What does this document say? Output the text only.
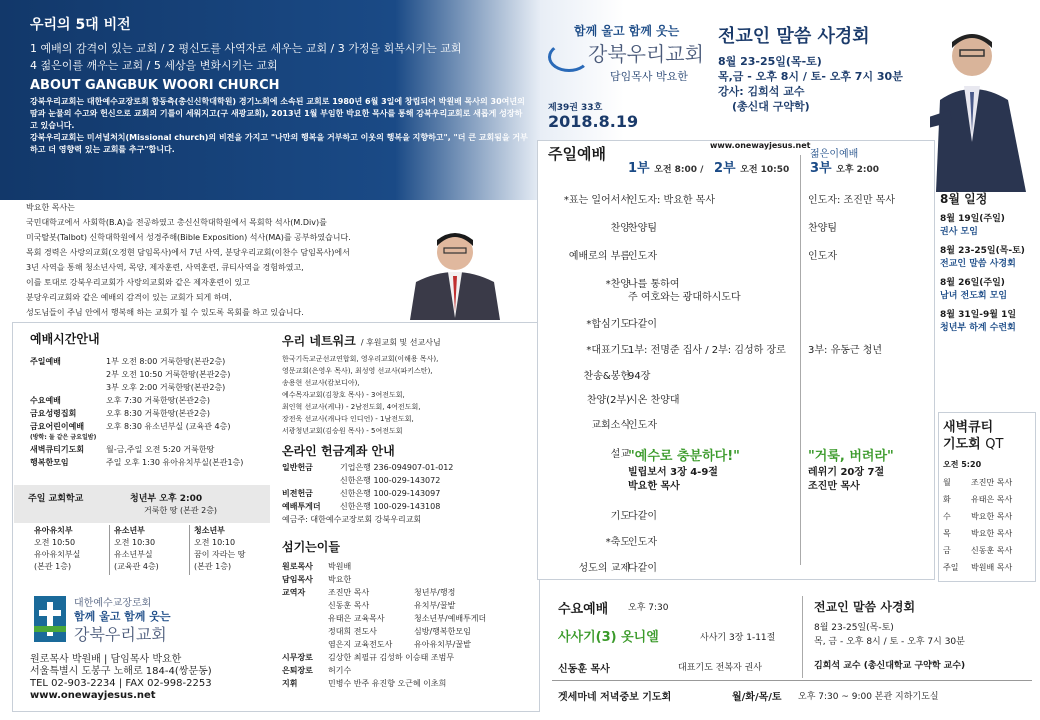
우리의 5대 비전
1 예배의 감격이 있는 교회 / 2 평신도를 사역자로 세우는 교회 / 3 가정을 회복시키는 교회
4 젊은이를 깨우는 교회 / 5 세상을 변화시키는 교회
ABOUT GANGBUK WOORI CHURCH

강북우리교회는 대한예수교장로회 합동측(총신신학대학원) 경기노회에 소속된 교회로 1980년 6월 3일에 창립되어 박원배 목사의 30여년의 땀과 눈물의 수고와 헌신으로 교회의 기틀이 세워지고(구 새광교회), 2013년 1월 부임한 박요한 목사를 통해 강북우리교회로 새롭게 성장하고 있습니다.

강북우리교회는 미셔널처치(Missional church)의 비전을 가지고 "나만의 행복을 거부하고 이웃의 행복을 지향하고", "더 큰 교회됨을 거부하고 더 영향력 있는 교회를 추구"합니다.

함께 울고 함께 웃는
강북우리교회
담임목사 박요한
제39권 33호
2018.8.19
전교인 말씀 사경회
8월 23-25일(목-토)
목,금 - 오후 8시 / 토- 오후 7시 30분
강사: 김희석 교수
(총신대 구약학)
박요한 목사는
국민대학교에서 사회학(B.A)을 전공하였고 총신신학대학원에서 목회학 석사(M.Div)를
미국탈봇(Talbot) 신학대학원에서 성경주해(Bible Exposition) 석사(MA)를 공부하였습니다.
목회 경력은 사랑의교회(오정현 담임목사)에서 7년 사역, 분당우리교회(이찬수 담임목사)에서
3년 사역을 통해 청소년사역, 목양, 제자훈련, 사역훈련, 큐티사역을 경험하였고,
이를 토대로 강북우리교회가 사랑의교회와 같은 제자훈련이 있고
분당우리교회와 같은 예배의 감격이 있는 교회가 되게 하며,
성도님들이 주님 안에서 행복해 하는 교회가 될 수 있도록 목회를 하고 있습니다.
예배시간안내
주일예배	1부 오전 8:00 거룩한땅(본관2층)
2부 오전 10:50 거룩한땅(본관2층)
3부 오후 2:00 거룩한땅(본관2층)
수요예배	오후 7:30 거룩한땅(본관2층)
금요성령집회	오후 8:30 거룩한땅(본관2층)
금요어린이예배	오후 8:30 유소년부실 (교육관 4층)
(방학: 둘 같은 금요일밤)
새벽큐티기도회	월-금,주일 오전 5:20 거룩한땅
행복한모임	주일 오후 1:30 유아유치부실(본관1층)
주일 교회학교	청년부 오후 2:00
거룩한 땅 (본관 2층)
유아유치부
오전 10:50
유아유치부실
(본관 1층)
유소년부
오전 10:30
유소년부실
(교육관 4층)
청소년부
오전 10:10
꿈이 자라는 땅
(본관 1층)
대한예수교장로회
함께 울고 함께 웃는
강북우리교회
원로목사 박원배 | 담임목사 박요한
서울특별시 도봉구 노해로 184-4(쌍문동)
TEL 02-903-2234 | FAX 02-998-2253
www.onewayjesus.net
우리 네트워크 / 후원교회 및 선교사님
한국기독교군선교연합회, 영우리교회(이해용 목사),
영문교회(은영우 목사), 최성영 선교사(파키스탄),
송용현 선교사(캄보디아),
예수목자교회(김창호 목사) - 3여전도회,
최인혁 선교사(케냐) - 2남전도회, 4여전도회,
장전욱 선교사(캐나다 인디언) - 1남전도회,
서광청년교회(김승원 목사) - 5여전도회
온라인 헌금계좌 안내
일반헌금	기업은행 236-094907-01-012
신한은행 100-029-143072
비전헌금	신한은행 100-029-143097
예배투게더	신한은행 100-029-143108
예금주: 대한예수교장로회 강북우리교회
섬기는이들
원로목사	박원배
담임목사	박요한
교역자	조진만 목사	청년부/행정
신동훈 목사	유치부/꿀밭
유태은 교육목사	청소년부/예배투게더
정대희 전도사	심방/행복한모임
염은지 교육전도사	유아유치부/꿀밭
시무장로	김상한 최필규 김성하 이승태 조범무
은퇴장로	허기수
지휘	민병수 반주 유진향 오근혜 이초희
주일예배	www.onewayjesus.net
1부 오전 8:00 / 2부 오전 10:50
젊은이예배
3부 오후 2:00
*표는 일어서서
인도자: 박요한 목사	인도자: 조진만 목사
찬양
찬양팀	찬양팀
예배로의 부름
인도자	인도자
*찬양
나를 통하여
주 여호와는 광대하시도다
*합심기도
다같이
*대표기도
1부: 전명준 집사 / 2부: 김성하 장로 3부: 유동근 청년
찬송&봉헌
94장
찬양(2부)
시온 찬양대
교회소식
인도자
설교
"예수로 충분하다!"
빌립보서 3장 4-9절
박요한 목사
"거룩, 버려라"
레위기 20장 7절
조진만 목사
기도
다같이
*축도
인도자
성도의 교제
다같이
8월 일정
8월 19일(주일)
권사 모임
8월 23-25일(목-토)
전교인 말씀 사경회
8월 26일(주일)
남녀 전도회 모임
8월 31일-9월 1일
청년부 하계 수련회
새벽큐티
기도회 QT
오전 5:20
월	조진만 목사
화	유태은 목사
수	박요한 목사
목	박요한 목사
금	신동훈 목사
주일	박원배 목사
수요예배 오후 7:30
사사기(3) 옷니엘	사사기 3장 1-11절
신동훈 목사	대표기도 전복자 권사
전교인 말씀 사경회
8월 23-25일(목-토)
목, 금 - 오후 8시 / 토 - 오후 7시 30분
김희석 교수 (총신대학교 구약학 교수)
겟세마네 저녁중보 기도회	월/화/목/토 오후 7:30 ~ 9:00 본관 지하기도실
